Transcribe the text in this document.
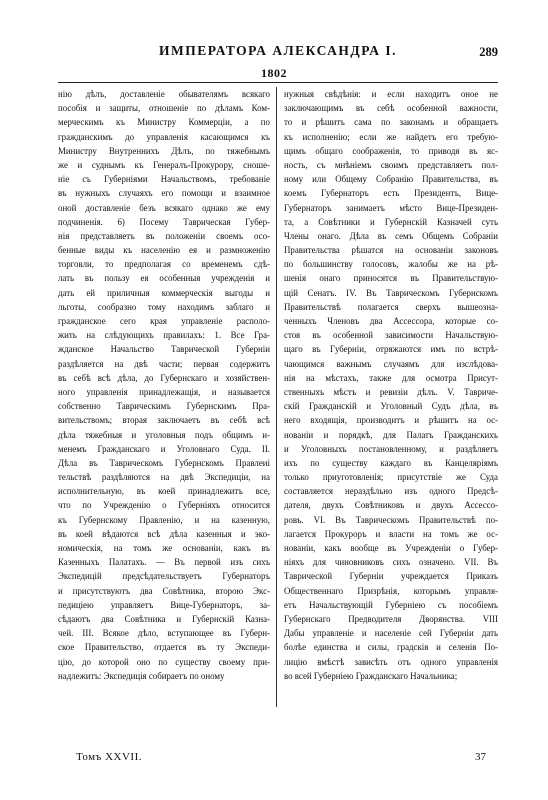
ИМПЕРАТОРА АЛЕКСАНДРА I.	289
1802
нію дѣлъ, доставленіе обывателямъ всякаго
пособія и защиты, отношеніе по дѣламъ Ком-
мерческимъ къ Министру Коммерціи, а по
гражданскимъ до управленія касающимся къ
Министру Внутреннихъ Дѣлъ, по тяжебнымъ
же и суднымъ къ Генералъ-Прокурору, сноше-
ніе съ Губерніями Начальствомъ, требованіе
въ нужныхъ случаяхъ его помощи и взаимное
оной доставленіе безъ всякаго однако же ему
подчиненія. 6) Посему Таврическая Губер-
нія представляетъ въ положеніи своемъ осо-
бенные виды къ населенію ея и размноженію
торговли, то предполагая со временемъ сдѣ-
лать въ пользу ея особенныя учрежденія и
дать ей приличныя коммерческія выгоды и
льготы, сообразно тому находимъ заблаго и
гражданское сего края управленіе располо-
жить на слѣдующихъ правилахъ: 1. Все Гра-
жданское Начальство Таврической Губерніи
раздѣляется на двѣ части; первая содержитъ
въ себѣ всѣ дѣла, до Губернскаго и хозяйствен-
ного управленія принадлежащія, и называется
собственно Таврическимъ Губернскимъ Пра-
вительствомъ; вторая заключаетъ въ себѣ всѣ
дѣла тяжебныя и уголовныя подъ общимъ и-
менемъ Гражданскаго и Уголовнаго Суда. II.
Дѣла въ Таврическомъ Губернскомъ Правлеиі
тельствѣ раздѣляются на двѣ Экспедиціи, на
исполнительную, въ коей принадлежитъ все,
что по Учрежденію о Губерніяхъ относится
къ Губернскому Правленію, и на казенную,
въ коей вѣдаются всѣ дѣла казенныя и эко-
номическія, на томъ же основаніи, какъ въ
Казенныхъ Палатахъ. — Въ первой изъ сихъ
Экспедицій предсѣдательствуетъ Губернаторъ
и присутствуютъ два Совѣтника, второю Экс-
педиціею управляетъ Вице-Губернаторъ, за-
сѣдаютъ два Совѣтника и Губернскій Казна-
чей. III. Всякое дѣло, вступающее въ Губерн-
ское Правительство, отдается въ ту Экспеди-
цію, до которой оно по существу своему при-
надлежитъ: Экспедиція собираетъ по оному
нужныя свѣдѣнія: и если находитъ оное не
заключающимъ въ себѣ особенной важности,
то и рѣшитъ сама по законамъ и обращаетъ
къ исполненію; если же найдетъ его требую-
щимъ общаго соображенія, то приводя въ яс-
ность, съ мнѣніемъ своимъ представляетъ пол-
ному или Общему Собранію Правительства, въ
коемъ Губернаторъ есть Президентъ, Вице-
Губернаторъ занимаетъ мѣсто Вице-Президен-
та, а Совѣтники и Губернскій Казначей суть
Члены онаго. Дѣла въ семъ Общемъ Собраніи
Правительства рѣшатся на основаніи законовъ
по большинству голосовъ, жалобы же на рѣ-
шенія онаго приносятся въ Правительствую-
щій Сенатъ. IV. Въ Таврическомъ Губернскомъ
Правительствѣ полагается сверхъ вышеозна-
ченныхъ Членовъ два Ассессора, которые со-
стоя въ особенной зависимости Начальствую-
щаго въ Губерніи, отряжаются имъ по встрѣ-
чающимся важнымъ случаямъ для изслѣдова-
нія на мѣстахъ, также для осмотра Присут-
ственныхъ мѣстъ и ревизіи дѣлъ. V. Тавриче-
скій Гражданскій и Уголовный Судъ дѣла, въ
него входящія, производитъ и рѣшитъ на ос-
нованіи и порядкѣ, для Палатъ Гражданскихъ
и Уголовныхъ постановленному, и раздѣляетъ
ихъ по существу каждаго въ Канцеляріямъ
только приуготовленія; присутствіе же Суда
составляется нераздѣльно изъ одного Предсѣ-
дателя, двухъ Совѣтниковъ и двухъ Ассессо-
ровъ. VI. Въ Таврическомъ Правительствѣ по-
лагается Прокуроръ и власти на томъ же ос-
нованіи, какъ вообще въ Учрежденіи о Губер-
ніяхъ для чиновниковъ сихъ означено. VII. Въ
Таврической Губерніи учреждается Приказъ
Общественнаго Призрѣнія, которымъ управля-
етъ Начальствующій Губерніею съ пособіемъ
Губернскаго Предводителя Дворянства. VIII
Дабы управленіе и населеніе сей Губерніи дать
болѣе единства и силы, градскія и селенія По-
лицію вмѣстѣ зависѣть отъ одного управленія
во всей Губерніею Гражданскаго Начальника;
Томъ XXVII.	37
